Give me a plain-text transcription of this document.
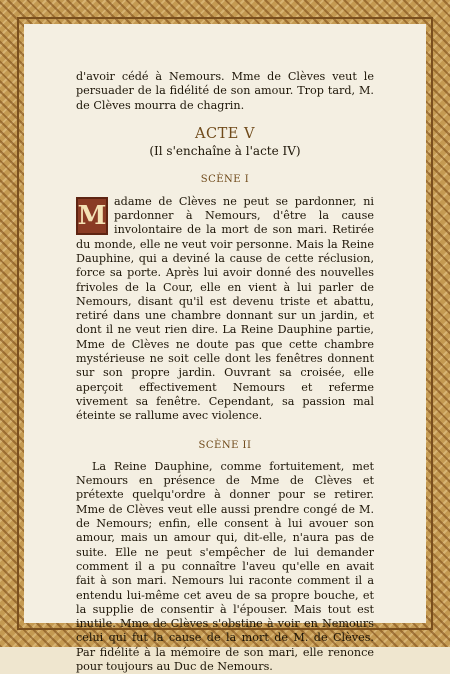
d'avoir cédé à Nemours. Mme de Clèves veut le persuader de la fidélité de son amour. Trop tard, M. de Clèves mourra de chagrin.

ACTE V
(Il s'enchaîne à l'acte IV)
SCÈNE I

M adame de Clèves ne peut se pardonner, ni pardonner à Nemours, d'être la cause involontaire de la mort de son mari. Retirée du monde, elle ne veut voir personne. Mais la Reine Dauphine, qui a deviné la cause de cette réclusion, force sa porte. Après lui avoir donné des nouvelles frivoles de la Cour, elle en vient à lui parler de Nemours, disant qu'il est devenu triste et abattu, retiré dans une chambre donnant sur un jardin, et dont il ne veut rien dire. La Reine Dauphine partie, Mme de Clèves ne doute pas que cette chambre mystérieuse ne soit celle dont les fenêtres donnent sur son propre jardin. Ouvrant sa croisée, elle aperçoit effectivement Nemours et referme vivement sa fenêtre. Cependant, sa passion mal éteinte se rallume avec violence.

SCÈNE II

La Reine Dauphine, comme fortuitement, met Nemours en présence de Mme de Clèves et prétexte quelqu'ordre à donner pour se retirer. Mme de Clèves veut elle aussi prendre congé de M. de Nemours; enfin, elle consent à lui avouer son amour, mais un amour qui, dit-elle, n'aura pas de suite. Elle ne peut s'empêcher de lui demander comment il a pu connaître l'aveu qu'elle en avait fait à son mari. Nemours lui raconte comment il a entendu lui-même cet aveu de sa propre bouche, et la supplie de consentir à l'épouser. Mais tout est inutile. Mme de Clèves s'obstine à voir en Nemours celui qui fut la cause de la mort de M. de Clèves. Par fidélité à la mémoire de son mari, elle renonce pour toujours au Duc de Nemours.
